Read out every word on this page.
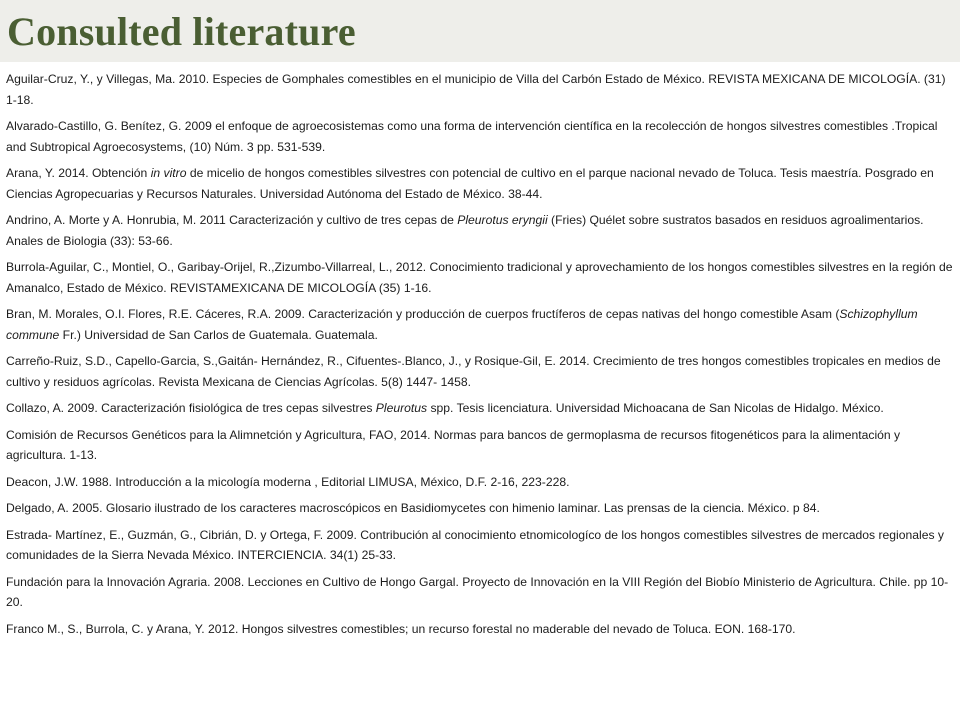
Consulted literature

Aguilar-Cruz, Y., y Villegas, Ma. 2010. Especies de Gomphales comestibles en el municipio de Villa del Carbón Estado de México. REVISTA MEXICANA DE MICOLOGÍA. (31) 1-18.

Alvarado-Castillo, G. Benítez, G. 2009 el enfoque de agroecosistemas como una forma de intervención científica en la recolección de hongos silvestres comestibles .Tropical and Subtropical Agroecosystems, (10) Núm. 3 pp. 531-539.

Arana, Y. 2014. Obtención in vitro de micelio de hongos comestibles silvestres con potencial de cultivo en el parque nacional nevado de Toluca. Tesis maestría. Posgrado en Ciencias Agropecuarias y Recursos Naturales. Universidad Autónoma del Estado de México. 38-44.

Andrino, A. Morte y A. Honrubia, M. 2011 Caracterización y cultivo de tres cepas de Pleurotus eryngii (Fries) Quélet sobre sustratos basados en residuos agroalimentarios. Anales de Biologia (33): 53-66.

Burrola-Aguilar, C., Montiel, O., Garibay-Orijel, R.,Zizumbo-Villarreal, L., 2012. Conocimiento tradicional y aprovechamiento de los hongos comestibles silvestres en la región de Amanalco, Estado de México. REVISTAMEXICANA DE MICOLOGÍA (35) 1-16.

Bran, M. Morales, O.I. Flores, R.E. Cáceres, R.A. 2009. Caracterización y producción de cuerpos fructíferos de cepas nativas del hongo comestible Asam (Schizophyllum commune Fr.) Universidad de San Carlos de Guatemala. Guatemala.

Carreño-Ruiz, S.D., Capello-Garcia, S.,Gaitán- Hernández, R., Cifuentes-.Blanco, J., y Rosique-Gil, E. 2014. Crecimiento de tres hongos comestibles tropicales en medios de cultivo y residuos agrícolas. Revista Mexicana de Ciencias Agrícolas. 5(8) 1447- 1458.

Collazo, A. 2009. Caracterización fisiológica de tres cepas silvestres Pleurotus spp. Tesis licenciatura. Universidad Michoacana de San Nicolas de Hidalgo. México.

Comisión de Recursos Genéticos para la Alimnetción y Agricultura, FAO, 2014. Normas para bancos de germoplasma de recursos fitogenéticos para la alimentación y agricultura. 1-13.

Deacon, J.W. 1988. Introducción a la micología moderna , Editorial LIMUSA, México, D.F. 2-16, 223-228.

Delgado, A. 2005. Glosario ilustrado de los caracteres macroscópicos en Basidiomycetes con himenio laminar. Las prensas de la ciencia. México. p 84.

Estrada- Martínez, E., Guzmán, G., Cibrián, D. y Ortega, F. 2009. Contribución al conocimiento etnomicologíco de los hongos comestibles silvestres de mercados regionales y comunidades de la Sierra Nevada México. INTERCIENCIA. 34(1) 25-33.

Fundación para la Innovación Agraria. 2008. Lecciones en Cultivo de Hongo Gargal. Proyecto de Innovación en la VIII Región del Biobío Ministerio de Agricultura. Chile. pp 10-20.

Franco M., S., Burrola, C. y Arana, Y. 2012. Hongos silvestres comestibles; un recurso forestal no maderable del nevado de Toluca. EON. 168-170.
